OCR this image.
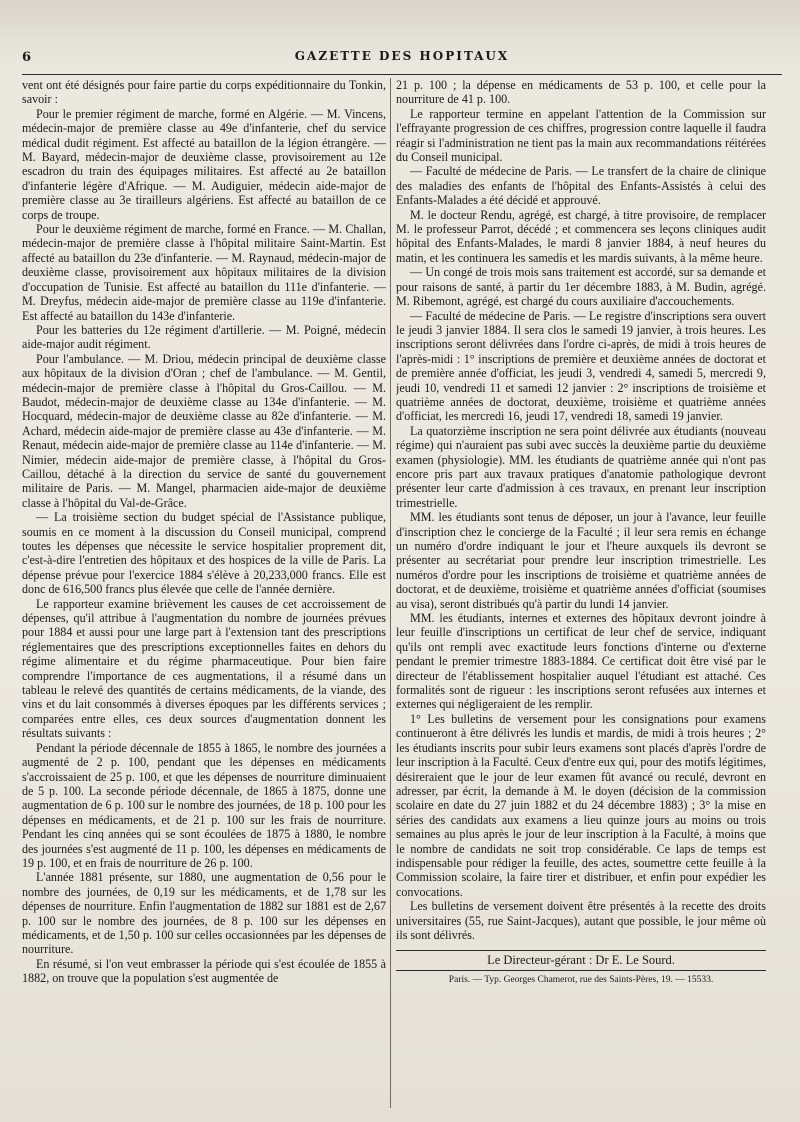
6	GAZETTE DES HOPITAUX

vent ont été désignés pour faire partie du corps expéditionnaire du Tonkin, savoir :

Pour le premier régiment de marche, formé en Algérie. — M. Vincens, médecin-major de première classe au 49e d'infanterie, chef du service médical dudit régiment. Est affecté au bataillon de la légion étrangère. — M. Bayard, médecin-major de deuxième classe, provisoirement au 12e escadron du train des équipages militaires. Est affecté au 2e bataillon d'infanterie légère d'Afrique. — M. Audiguier, médecin aide-major de première classe au 3e tirailleurs algériens. Est affecté au bataillon de ce corps de troupe.

Pour le deuxième régiment de marche, formé en France. — M. Challan, médecin-major de première classe à l'hôpital militaire Saint-Martin. Est affecté au bataillon du 23e d'infanterie. — M. Raynaud, médecin-major de deuxième classe, provisoirement aux hôpitaux militaires de la division d'occupation de Tunisie. Est affecté au bataillon du 111e d'infanterie. — M. Dreyfus, médecin aide-major de première classe au 119e d'infanterie. Est affecté au bataillon du 143e d'infanterie.

Pour les batteries du 12e régiment d'artillerie. — M. Poigné, médecin aide-major audit régiment.

Pour l'ambulance. — M. Driou, médecin principal de deuxième classe aux hôpitaux de la division d'Oran ; chef de l'ambulance. — M. Gentil, médecin-major de première classe à l'hôpital du Gros-Caillou. — M. Baudot, médecin-major de deuxième classe au 134e d'infanterie. — M. Hocquard, médecin-major de deuxième classe au 82e d'infanterie. — M. Achard, médecin aide-major de première classe au 43e d'infanterie. — M. Renaut, médecin aide-major de première classe au 114e d'infanterie. — M. Nimier, médecin aide-major de première classe, à l'hôpital du Gros-Caillou, détaché à la direction du service de santé du gouvernement militaire de Paris. — M. Mangel, pharmacien aide-major de deuxième classe à l'hôpital du Val-de-Grâce.

— La troisième section du budget spécial de l'Assistance publique, soumis en ce moment à la discussion du Conseil municipal, comprend toutes les dépenses que nécessite le service hospitalier proprement dit, c'est-à-dire l'entretien des hôpitaux et des hospices de la ville de Paris. La dépense prévue pour l'exercice 1884 s'élève à 20,233,000 francs. Elle est donc de 616,500 francs plus élevée que celle de l'année dernière.

Le rapporteur examine brièvement les causes de cet accroissement de dépenses, qu'il attribue à l'augmentation du nombre de journées prévues pour 1884 et aussi pour une large part à l'extension tant des prescriptions réglementaires que des prescriptions exceptionnelles faites en dehors du régime alimentaire et du régime pharmaceutique. Pour bien faire comprendre l'importance de ces augmentations, il a résumé dans un tableau le relevé des quantités de certains médicaments, de la viande, des vins et du lait consommés à diverses époques par les différents services ; comparées entre elles, ces deux sources d'augmentation donnent les résultats suivants :

Pendant la période décennale de 1855 à 1865, le nombre des journées a augmenté de 2 p. 100, pendant que les dépenses en médicaments s'accroissaient de 25 p. 100, et que les dépenses de nourriture diminuaient de 5 p. 100. La seconde période décennale, de 1865 à 1875, donne une augmentation de 6 p. 100 sur le nombre des journées, de 18 p. 100 pour les dépenses en médicaments, et de 21 p. 100 sur les frais de nourriture. Pendant les cinq années qui se sont écoulées de 1875 à 1880, le nombre des journées s'est augmenté de 11 p. 100, les dépenses en médicaments de 19 p. 100, et en frais de nourriture de 26 p. 100.

L'année 1881 présente, sur 1880, une augmentation de 0,56 pour le nombre des journées, de 0,19 sur les médicaments, et de 1,78 sur les dépenses de nourriture. Enfin l'augmentation de 1882 sur 1881 est de 2,67 p. 100 sur le nombre des journées, de 8 p. 100 sur les dépenses en médicaments, et de 1,50 p. 100 sur celles occasionnées par les dépenses de nourriture.

En résumé, si l'on veut embrasser la période qui s'est écoulée de 1855 à 1882, on trouve que la population s'est augmentée de

21 p. 100 ; la dépense en médicaments de 53 p. 100, et celle pour la nourriture de 41 p. 100.

Le rapporteur termine en appelant l'attention de la Commission sur l'effrayante progression de ces chiffres, progression contre laquelle il faudra réagir si l'administration ne tient pas la main aux recommandations réitérées du Conseil municipal.

— Faculté de médecine de Paris. — Le transfert de la chaire de clinique des maladies des enfants de l'hôpital des Enfants-Assistés à celui des Enfants-Malades a été décidé et approuvé.

M. le docteur Rendu, agrégé, est chargé, à titre provisoire, de remplacer M. le professeur Parrot, décédé ; et commencera ses leçons cliniques audit hôpital des Enfants-Malades, le mardi 8 janvier 1884, à neuf heures du matin, et les continuera les samedis et les mardis suivants, à la même heure.

— Un congé de trois mois sans traitement est accordé, sur sa demande et pour raisons de santé, à partir du 1er décembre 1883, à M. Budin, agrégé. M. Ribemont, agrégé, est chargé du cours auxiliaire d'accouchements.

— Faculté de médecine de Paris. — Le registre d'inscriptions sera ouvert le jeudi 3 janvier 1884. Il sera clos le samedi 19 janvier, à trois heures. Les inscriptions seront délivrées dans l'ordre ci-après, de midi à trois heures de l'après-midi : 1° inscriptions de première et deuxième années de doctorat et de première année d'officiat, les jeudi 3, vendredi 4, samedi 5, mercredi 9, jeudi 10, vendredi 11 et samedi 12 janvier : 2° inscriptions de troisième et quatrième années de doctorat, deuxième, troisième et quatrième années d'officiat, les mercredi 16, jeudi 17, vendredi 18, samedi 19 janvier.

La quatorzième inscription ne sera point délivrée aux étudiants (nouveau régime) qui n'auraient pas subi avec succès la deuxième partie du deuxième examen (physiologie). MM. les étudiants de quatrième année qui n'ont pas encore pris part aux travaux pratiques d'anatomie pathologique devront présenter leur carte d'admission à ces travaux, en prenant leur inscription trimestrielle.

MM. les étudiants sont tenus de déposer, un jour à l'avance, leur feuille d'inscription chez le concierge de la Faculté ; il leur sera remis en échange un numéro d'ordre indiquant le jour et l'heure auxquels ils devront se présenter au secrétariat pour prendre leur inscription trimestrielle. Les numéros d'ordre pour les inscriptions de troisième et quatrième années de doctorat, et de deuxième, troisième et quatrième années d'officiat (soumises au visa), seront distribués qu'à partir du lundi 14 janvier.

MM. les étudiants, internes et externes des hôpitaux devront joindre à leur feuille d'inscriptions un certificat de leur chef de service, indiquant qu'ils ont rempli avec exactitude leurs fonctions d'interne ou d'externe pendant le premier trimestre 1883-1884. Ce certificat doit être visé par le directeur de l'établissement hospitalier auquel l'étudiant est attaché. Ces formalités sont de rigueur : les inscriptions seront refusées aux internes et externes qui négligeraient de les remplir.

1° Les bulletins de versement pour les consignations pour examens continueront à être délivrés les lundis et mardis, de midi à trois heures ; 2° les étudiants inscrits pour subir leurs examens sont placés d'après l'ordre de leur inscription à la Faculté. Ceux d'entre eux qui, pour des motifs légitimes, désireraient que le jour de leur examen fût avancé ou reculé, devront en adresser, par écrit, la demande à M. le doyen (décision de la commission scolaire en date du 27 juin 1882 et du 24 décembre 1883) ; 3° la mise en séries des candidats aux examens a lieu quinze jours au moins ou trois semaines au plus après le jour de leur inscription à la Faculté, à moins que le nombre de candidats ne soit trop considérable. Ce laps de temps est indispensable pour rédiger la feuille, des actes, soumettre cette feuille à la Commission scolaire, la faire tirer et distribuer, et enfin pour expédier les convocations.

Les bulletins de versement doivent être présentés à la recette des droits universitaires (55, rue Saint-Jacques), autant que possible, le jour même où ils sont délivrés.

Le Directeur-gérant : Dr E. Le Sourd.
Paris. — Typ. Georges Chamerot, rue des Saints-Pères, 19. — 15533.
